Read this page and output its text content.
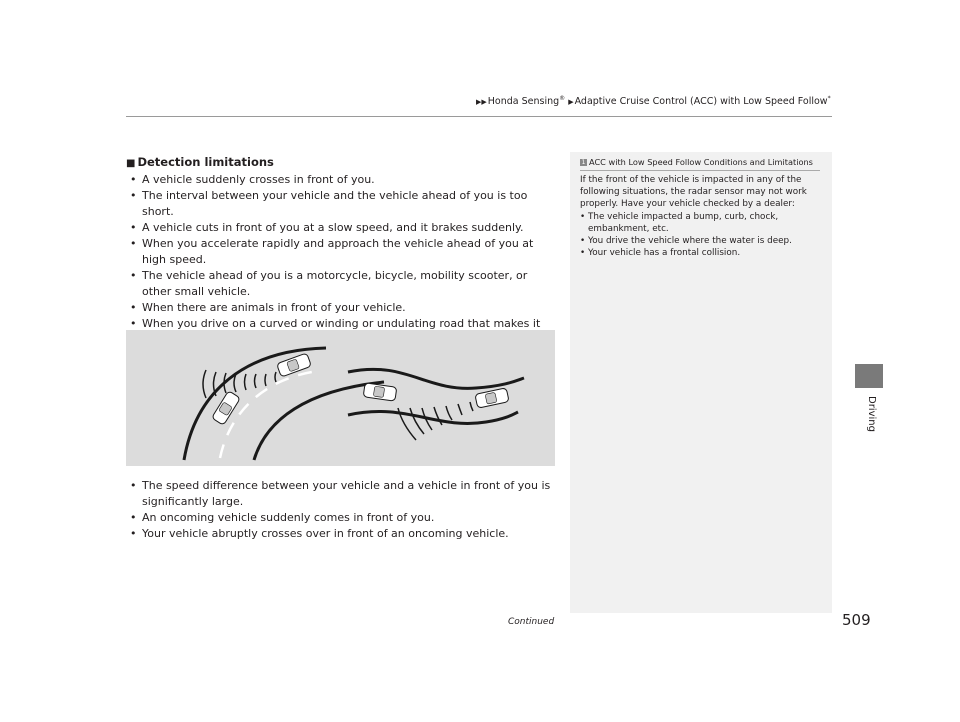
▶▶Honda Sensing® ▶Adaptive Cruise Control (ACC) with Low Speed Follow*

■ Detection limitations

• A vehicle suddenly crosses in front of you.
• The interval between your vehicle and the vehicle ahead of you is too short.
• A vehicle cuts in front of you at a slow speed, and it brakes suddenly.
• When you accelerate rapidly and approach the vehicle ahead of you at high speed.
• The vehicle ahead of you is a motorcycle, bicycle, mobility scooter, or other small vehicle.
• When there are animals in front of your vehicle.
• When you drive on a curved or winding or undulating road that makes it
• The speed difference between your vehicle and a vehicle in front of you is significantly large.
• An oncoming vehicle suddenly comes in front of you.
• Your vehicle abruptly crosses over in front of an oncoming vehicle.
1 ACC with Low Speed Follow Conditions and Limitations

If the front of the vehicle is impacted in any of the following situations, the radar sensor may not work properly. Have your vehicle checked by a dealer:

• The vehicle impacted a bump, curb, chock, embankment, etc.
• You drive the vehicle where the water is deep.
• Your vehicle has a frontal collision.
Driving
Continued	509
